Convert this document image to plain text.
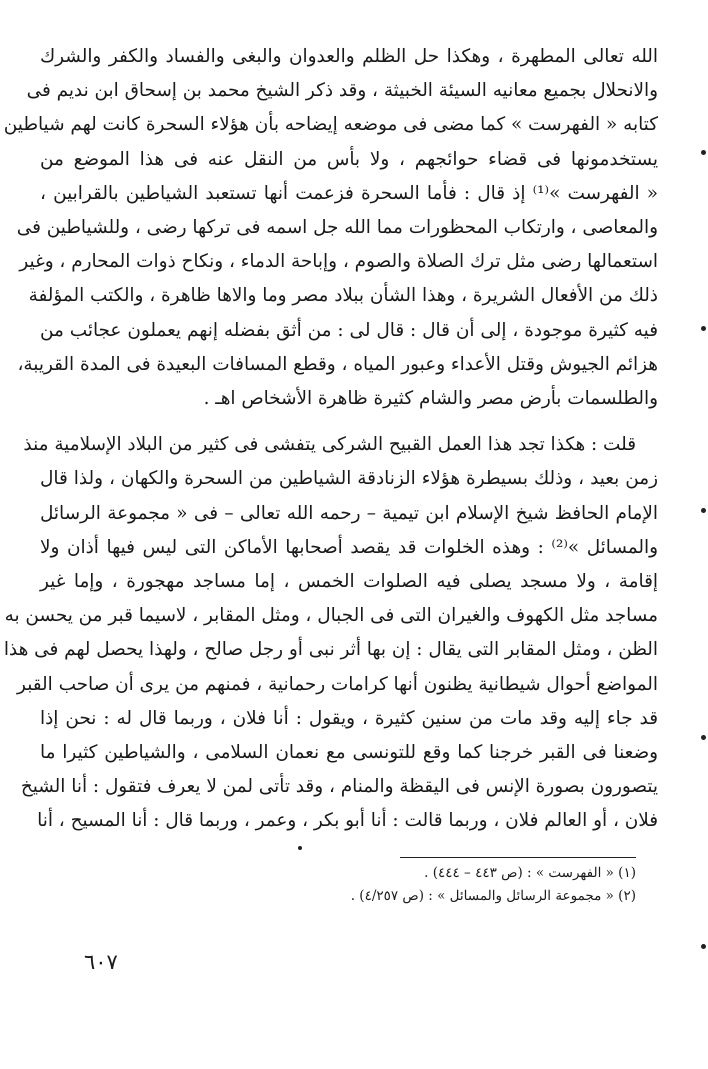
الله تعالى المطهرة ، وهكذا حل الظلم والعدوان والبغى والفساد والكفر والشرك
والانحلال بجميع معانيه السيئة الخبيثة ، وقد ذكر الشيخ محمد بن إسحاق ابن نديم فى
كتابه « الفهرست » كما مضى فى موضعه إيضاحه بأن هؤلاء السحرة كانت لهم شياطين
يستخدمونها فى قضاء حوائجهم ، ولا بأس من النقل عنه فى هذا الموضع من
« الفهرست »⁽¹⁾ إذ قال : فأما السحرة فزعمت أنها تستعبد الشياطين بالقرابين ،
والمعاصى ، وارتكاب المحظورات مما الله جل اسمه فى تركها رضى ، وللشياطين فى
استعمالها رضى مثل ترك الصلاة والصوم ، وإباحة الدماء ، ونكاح ذوات المحارم ، وغير
ذلك من الأفعال الشريرة ، وهذا الشأن ببلاد مصر وما والاها ظاهرة ، والكتب المؤلفة
فيه كثيرة موجودة ، إلى أن قال : قال لى : من أثق بفضله إنهم يعملون عجائب من
هزائم الجيوش وقتل الأعداء وعبور المياه ، وقطع المسافات البعيدة فى المدة القريبة،
والطلسمات بأرض مصر والشام كثيرة ظاهرة الأشخاص اهـ .

قلت : هكذا تجد هذا العمل القبيح الشركى يتفشى فى كثير من البلاد الإسلامية منذ
زمن بعيد ، وذلك بسيطرة هؤلاء الزنادقة الشياطين من السحرة والكهان ، ولذا قال
الإمام الحافظ شيخ الإسلام ابن تيمية – رحمه الله تعالى – فى « مجموعة الرسائل
والمسائل »⁽²⁾ : وهذه الخلوات قد يقصد أصحابها الأماكن التى ليس فيها أذان ولا
إقامة ، ولا مسجد يصلى فيه الصلوات الخمس ، إما مساجد مهجورة ، وإما غير
مساجد مثل الكهوف والغيران التى فى الجبال ، ومثل المقابر ، لاسيما قبر من يحسن به
الظن ، ومثل المقابر التى يقال : إن بها أثر نبى أو رجل صالح ، ولهذا يحصل لهم فى هذا
المواضع أحوال شيطانية يظنون أنها كرامات رحمانية ، فمنهم من يرى أن صاحب القبر
قد جاء إليه وقد مات من سنين كثيرة ، ويقول : أنا فلان ، وربما قال له : نحن إذا
وضعنا فى القبر خرجنا كما وقع للتونسى مع نعمان السلامى ، والشياطين كثيرا ما
يتصورون بصورة الإنس فى اليقظة والمنام ، وقد تأتى لمن لا يعرف فتقول : أنا الشيخ
فلان ، أو العالم فلان ، وربما قالت : أنا أبو بكر ، وعمر ، وربما قال : أنا المسيح ، أنا

(١) « الفهرست » : (ص ٤٤٣ – ٤٤٤) .
(٢) « مجموعة الرسائل والمسائل » : (ص ٤/٢٥٧) .
٦٠٧
